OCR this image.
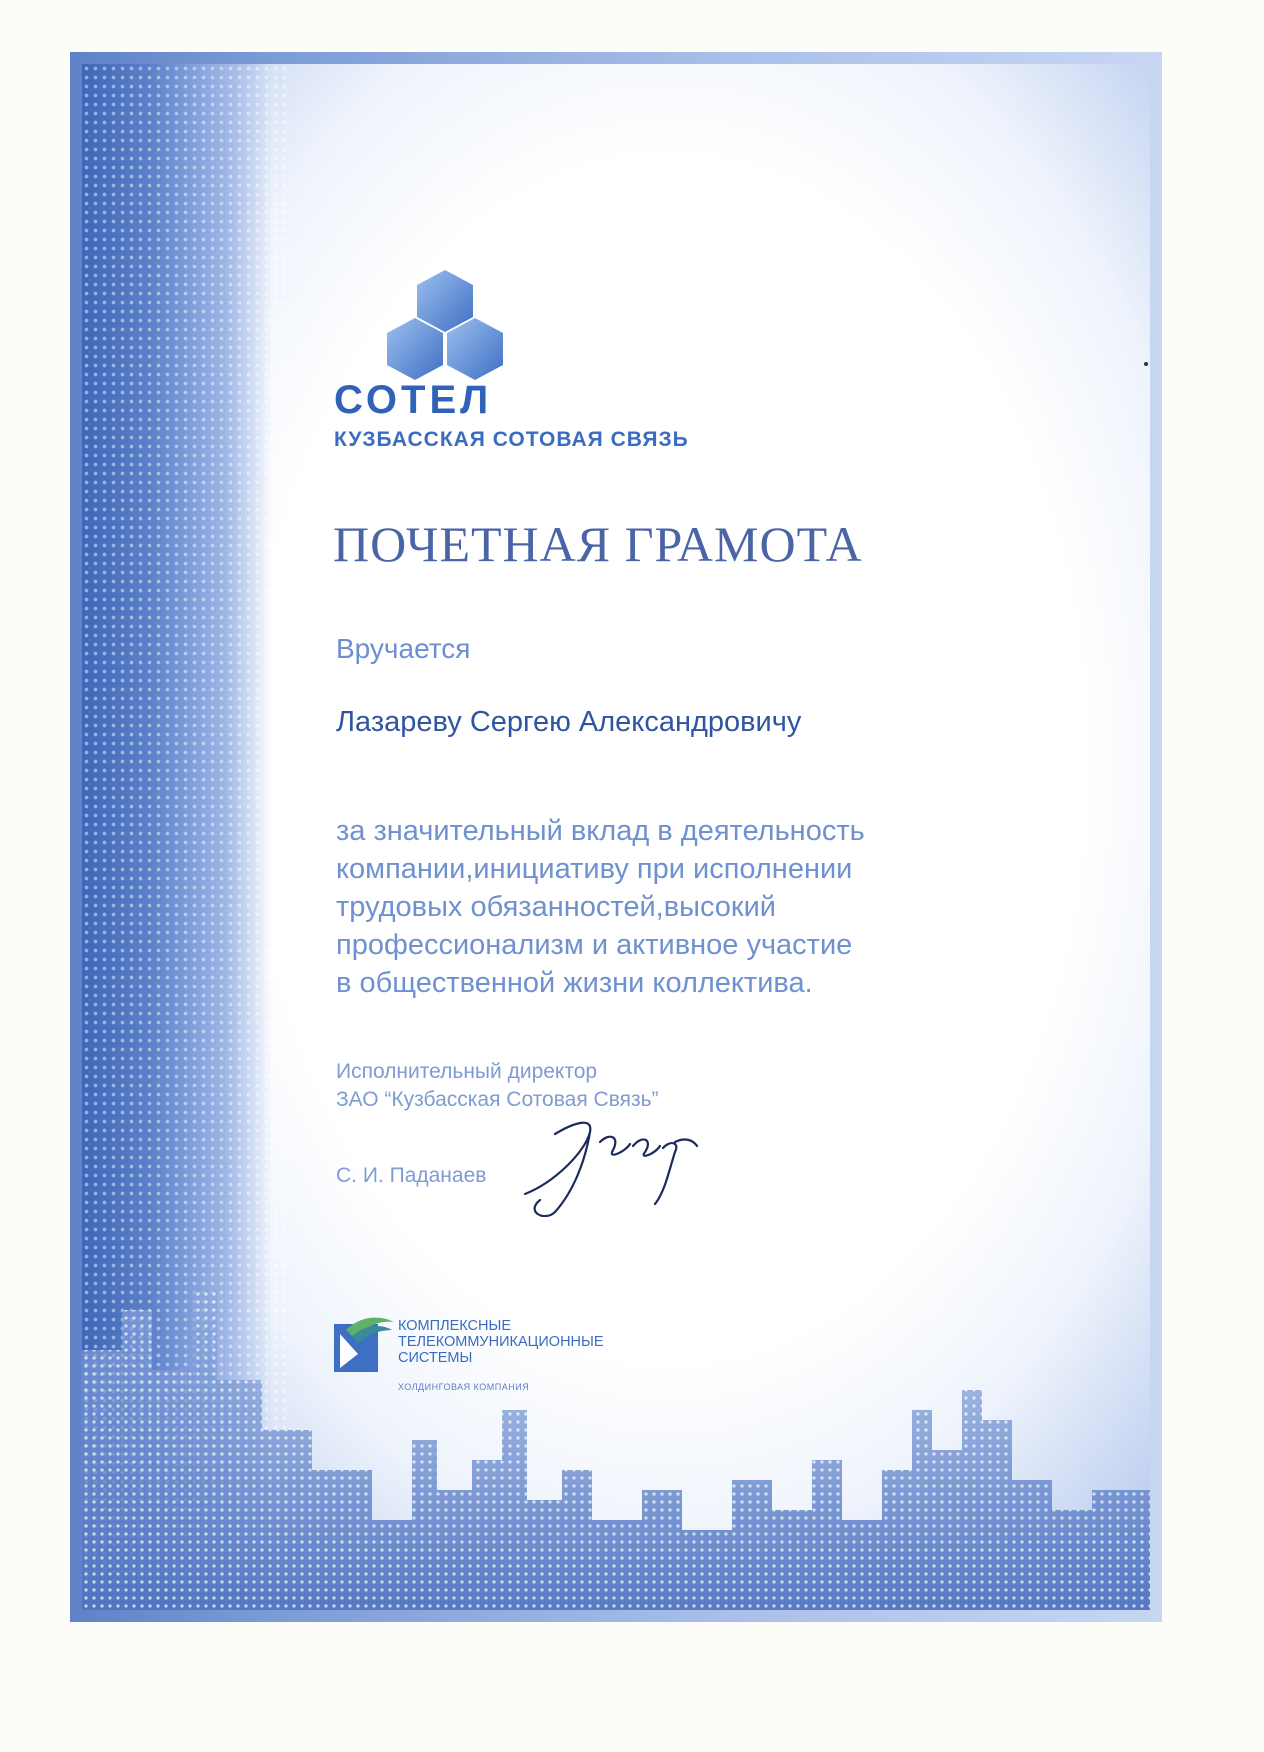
СОТЕЛ
КУЗБАССКАЯ СОТОВАЯ СВЯЗЬ
ПОЧЕТНАЯ ГРАМОТА
Вручается
Лазареву Сергею Александровичу
за значительный вклад в деятельность
компании,инициативу при исполнении
трудовых обязанностей,высокий
профессионализм и активное участие
в общественной жизни коллектива.
Исполнительный директор
ЗАО “Кузбасская Сотовая Связь”
С. И. Паданаев
КОМПЛЕКСНЫЕ
ТЕЛЕКОММУНИКАЦИОННЫЕ
СИСТЕМЫ
ХОЛДИНГОВАЯ КОМПАНИЯ
